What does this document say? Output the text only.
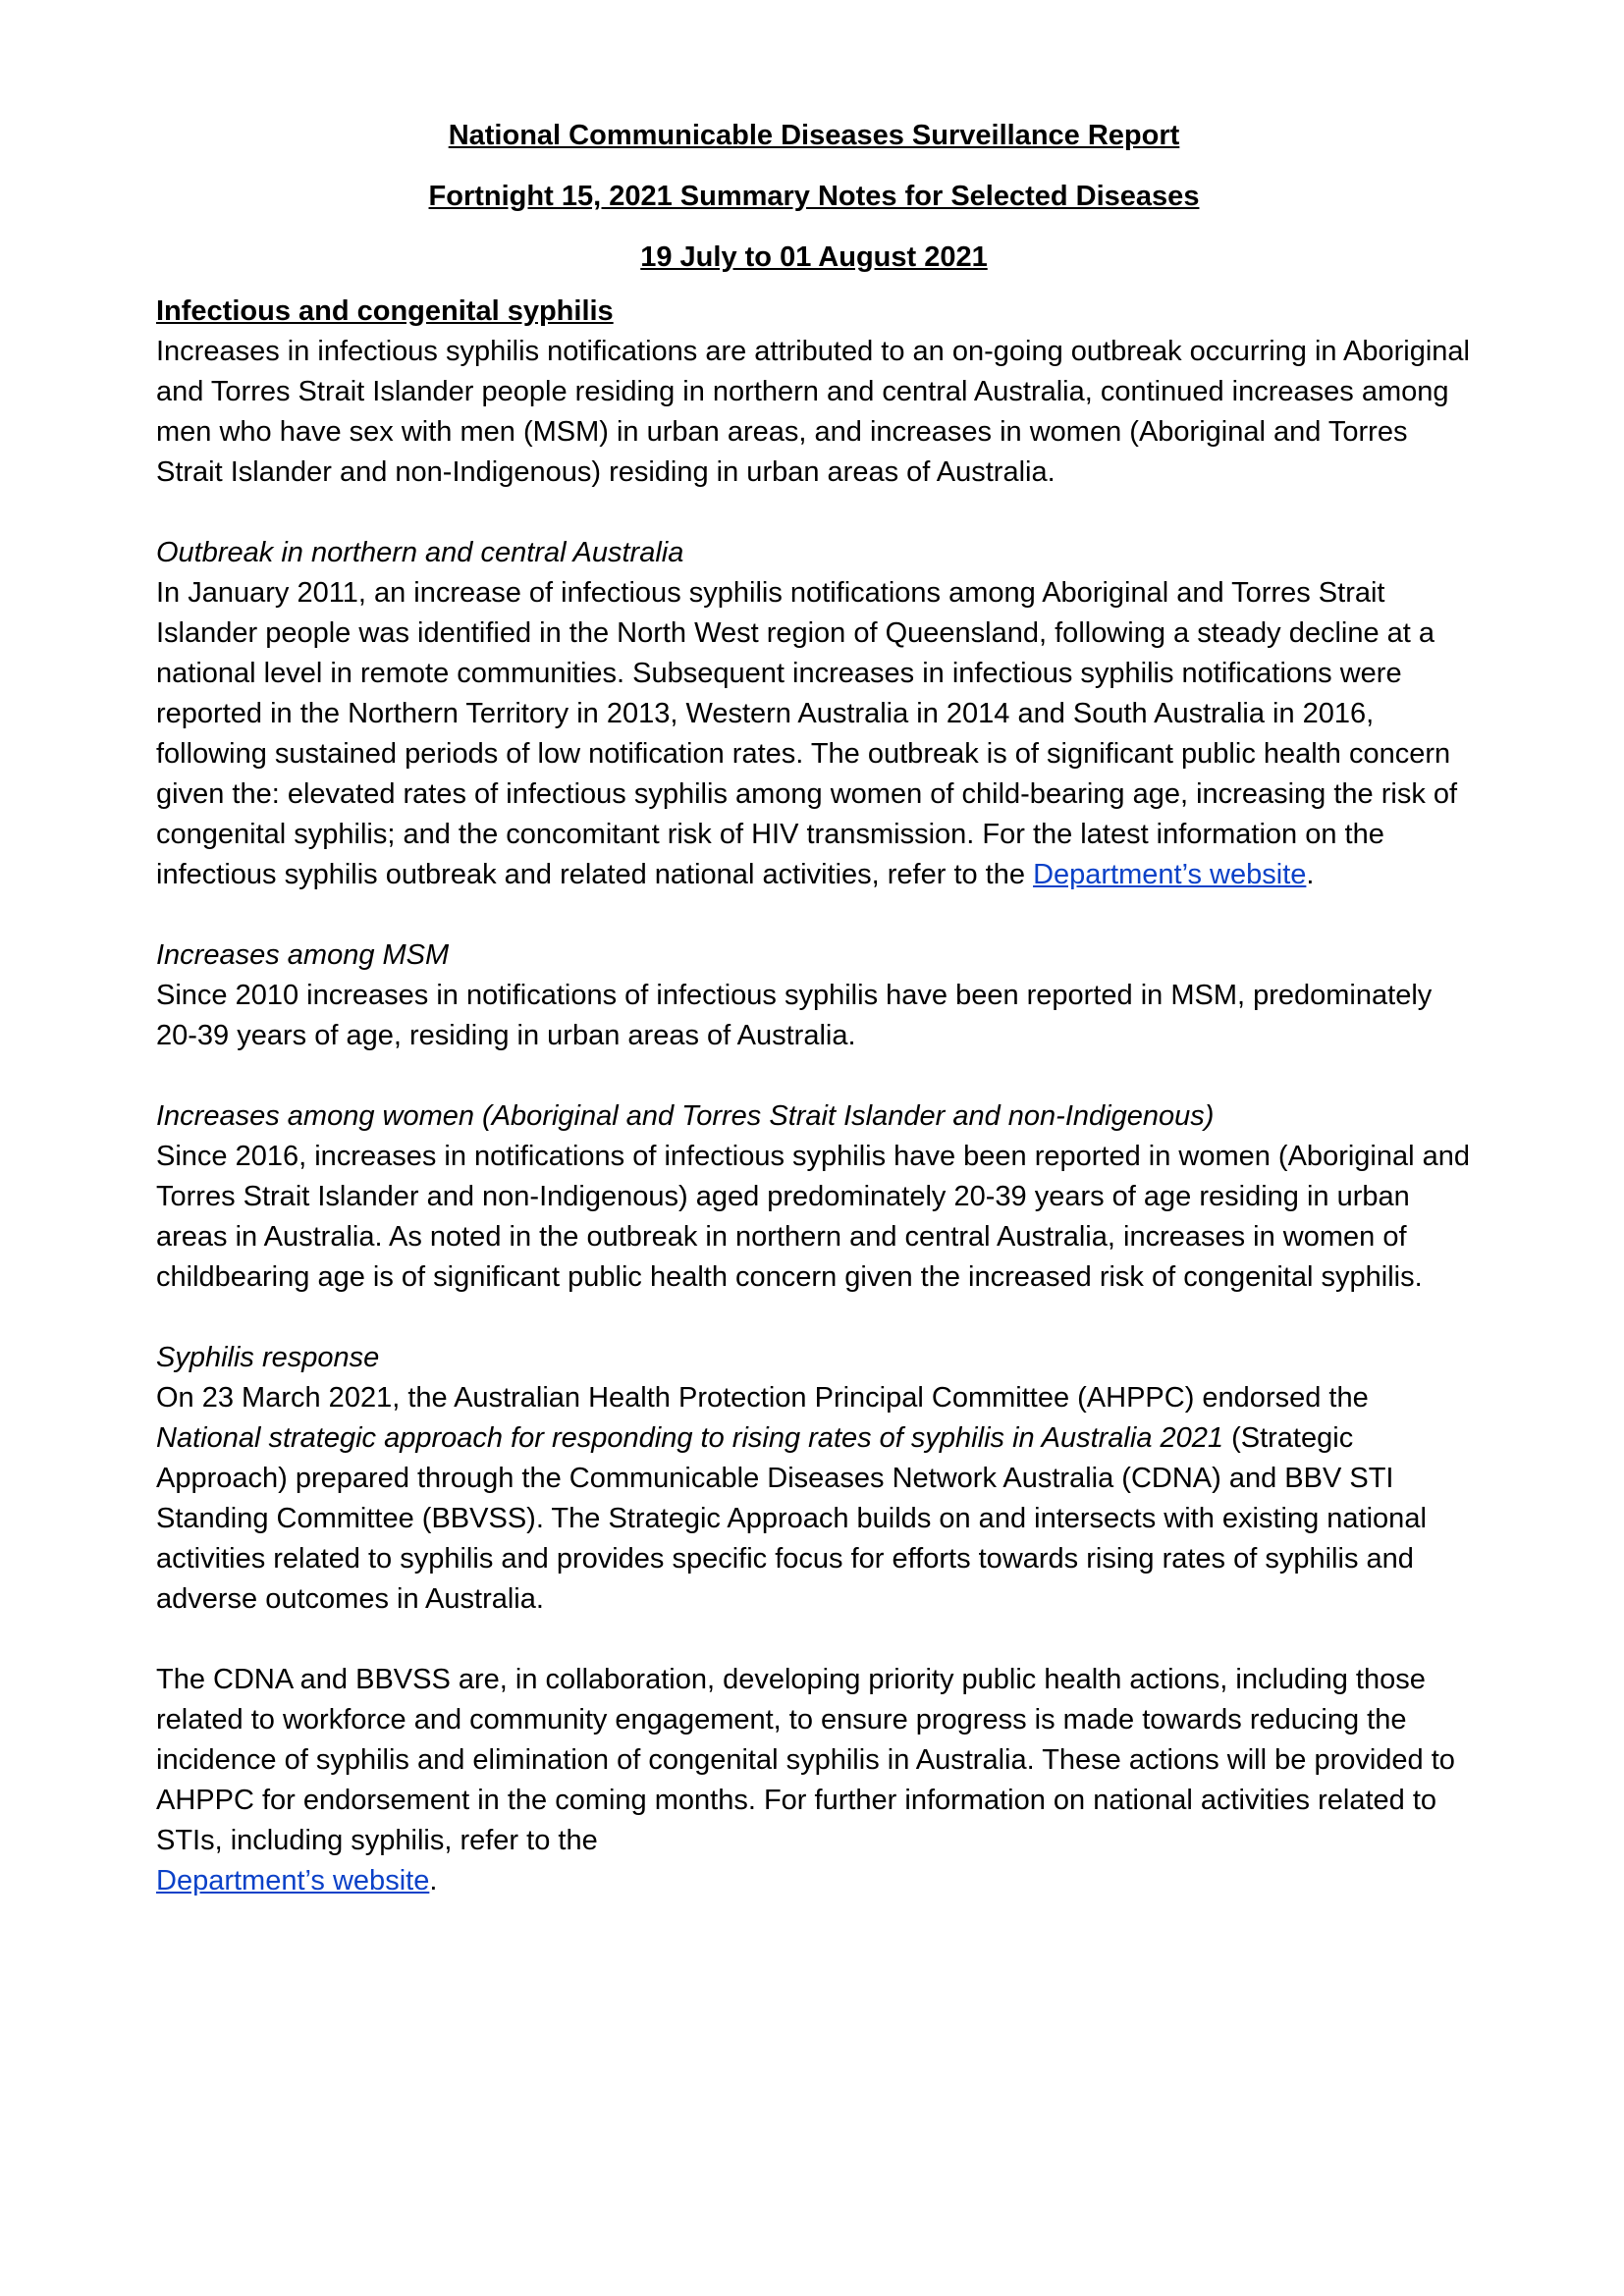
National Communicable Diseases Surveillance Report
Fortnight 15, 2021 Summary Notes for Selected Diseases
19 July to 01 August 2021

Infectious and congenital syphilis

Increases in infectious syphilis notifications are attributed to an on-going outbreak occurring in Aboriginal and Torres Strait Islander people residing in northern and central Australia, continued increases among men who have sex with men (MSM) in urban areas, and increases in women (Aboriginal and Torres Strait Islander and non-Indigenous) residing in urban areas of Australia.

Outbreak in northern and central Australia

In January 2011, an increase of infectious syphilis notifications among Aboriginal and Torres Strait Islander people was identified in the North West region of Queensland, following a steady decline at a national level in remote communities. Subsequent increases in infectious syphilis notifications were reported in the Northern Territory in 2013, Western Australia in 2014 and South Australia in 2016, following sustained periods of low notification rates. The outbreak is of significant public health concern given the: elevated rates of infectious syphilis among women of child-bearing age, increasing the risk of congenital syphilis; and the concomitant risk of HIV transmission. For the latest information on the infectious syphilis outbreak and related national activities, refer to the Department’s website.

Increases among MSM

Since 2010 increases in notifications of infectious syphilis have been reported in MSM, predominately 20-39 years of age, residing in urban areas of Australia.

Increases among women (Aboriginal and Torres Strait Islander and non-Indigenous)

Since 2016, increases in notifications of infectious syphilis have been reported in women (Aboriginal and Torres Strait Islander and non-Indigenous) aged predominately 20-39 years of age residing in urban areas in Australia. As noted in the outbreak in northern and central Australia, increases in women of childbearing age is of significant public health concern given the increased risk of congenital syphilis.

Syphilis response

On 23 March 2021, the Australian Health Protection Principal Committee (AHPPC) endorsed the National strategic approach for responding to rising rates of syphilis in Australia 2021 (Strategic Approach) prepared through the Communicable Diseases Network Australia (CDNA) and BBV STI Standing Committee (BBVSS). The Strategic Approach builds on and intersects with existing national activities related to syphilis and provides specific focus for efforts towards rising rates of syphilis and adverse outcomes in Australia.

The CDNA and BBVSS are, in collaboration, developing priority public health actions, including those related to workforce and community engagement, to ensure progress is made towards reducing the incidence of syphilis and elimination of congenital syphilis in Australia. These actions will be provided to AHPPC for endorsement in the coming months. For further information on national activities related to STIs, including syphilis, refer to the
Department’s website.
